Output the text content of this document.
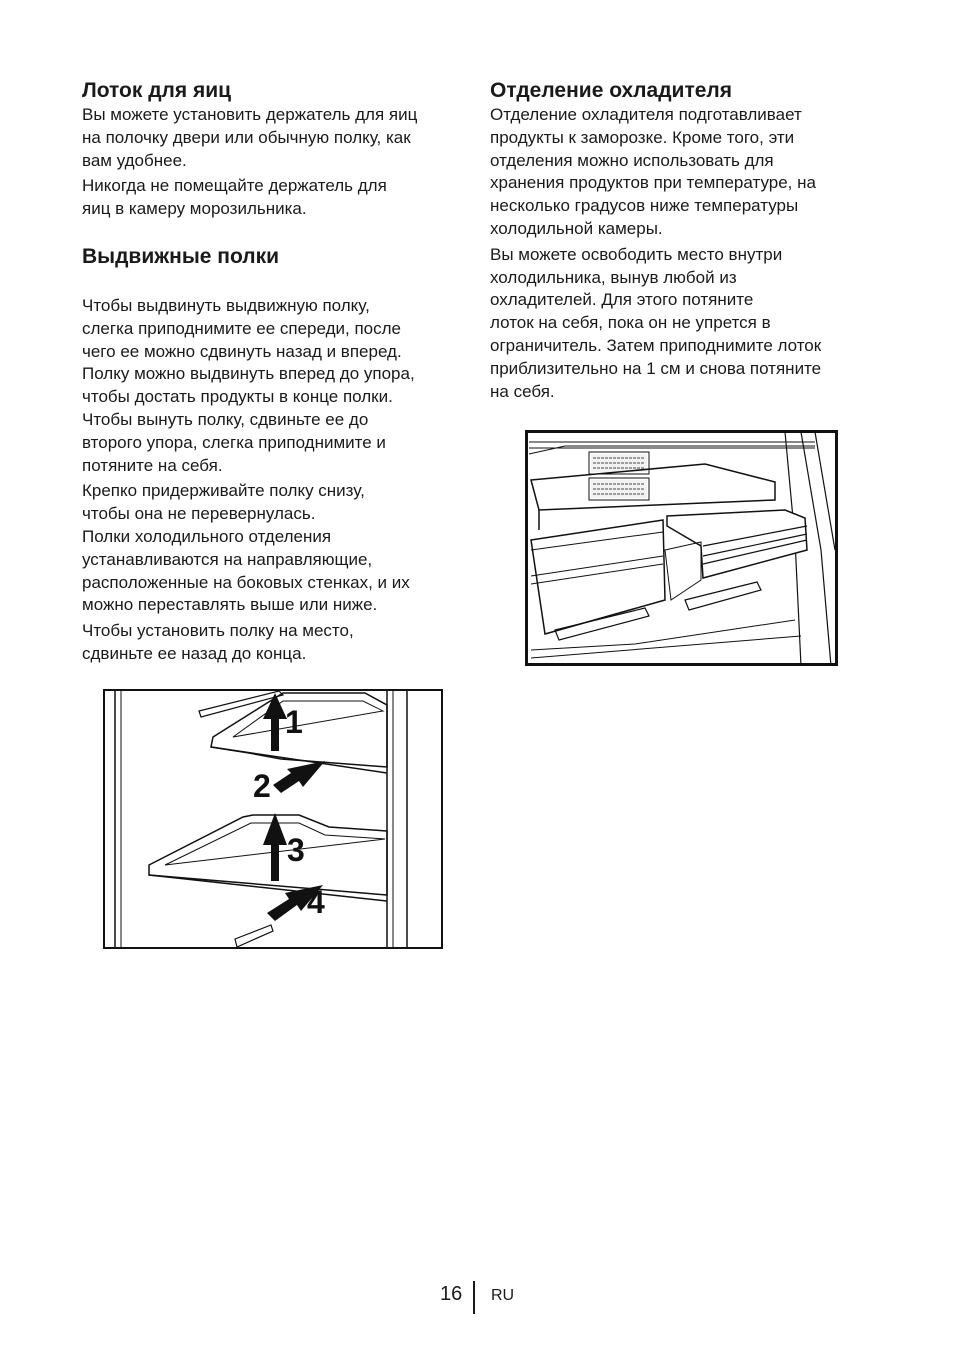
Лоток для яиц

Вы можете установить держатель для яиц
на полочку двери или обычную полку, как
вам удобнее.

Никогда не помещайте держатель для
яиц в камеру морозильника.

Выдвижные полки

Чтобы выдвинуть выдвижную полку,
слегка приподнимите ее спереди, после
чего ее можно сдвинуть назад и вперед.
Полку можно выдвинуть вперед до упора,
чтобы достать продукты в конце полки.
Чтобы вынуть полку, сдвиньте ее до
второго упора, слегка приподнимите и
потяните на себя.

Крепко придерживайте полку снизу,
чтобы она не перевернулась.
Полки холодильного отделения
устанавливаются на направляющие,
расположенные на боковых стенках, и их
можно переставлять выше или ниже.

Чтобы установить полку на место,
сдвиньте ее назад до конца.

Отделение охладителя

Отделение охладителя подготавливает
продукты к заморозке. Кроме того, эти
отделения можно использовать для
хранения продуктов при температуре, на
несколько градусов ниже температуры
холодильной камеры.

Вы можете освободить место внутри
холодильника, вынув любой из
охладителей. Для этого потяните
лоток на себя, пока он не упрется в
ограничитель. Затем приподнимите лоток
приблизительно на 1 см и снова потяните
на себя.

1
2
3
4
16 RU
